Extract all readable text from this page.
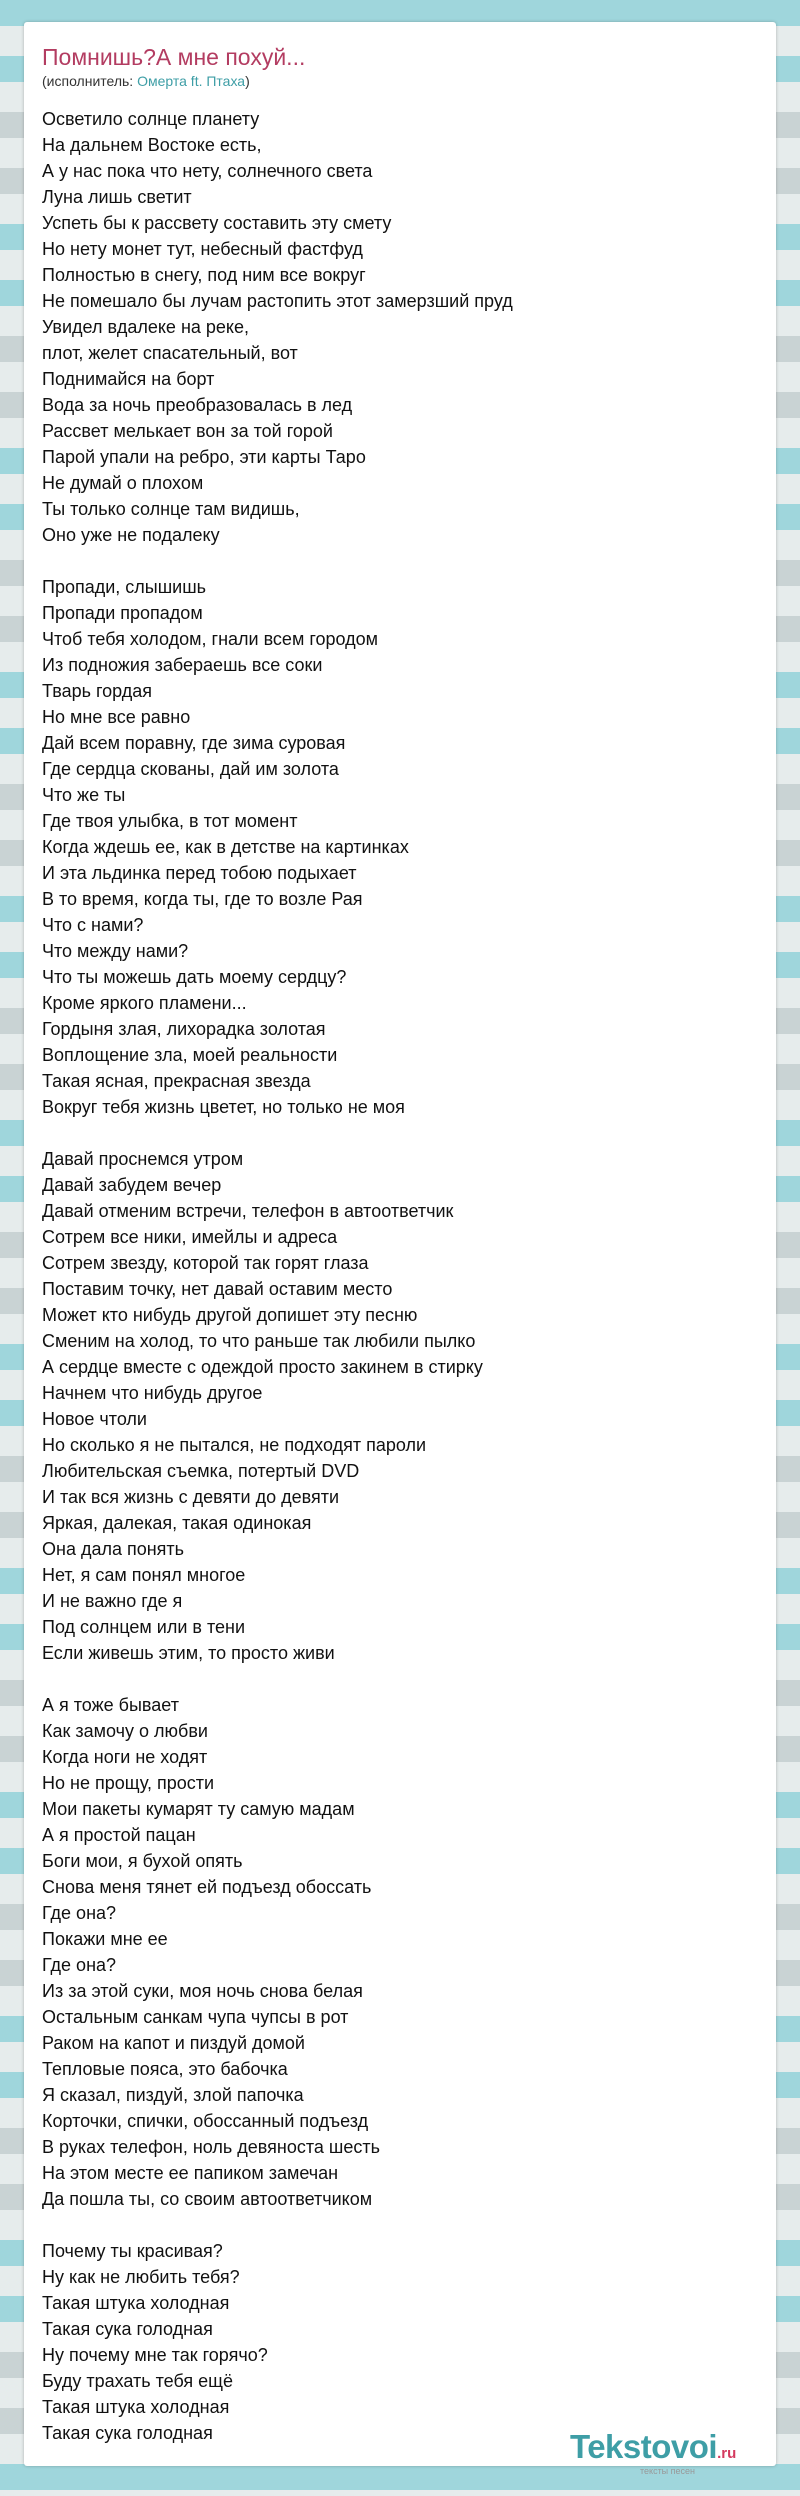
Помнишь?А мне похуй...
(исполнитель: Омерта ft. Птаха)
Осветило солнце планету
На дальнем Востоке есть,
А у нас пока что нету, солнечного света
Луна лишь светит
Успеть бы к рассвету составить эту смету
Но нету монет тут, небесный фастфуд
Полностью в снегу, под ним все вокруг
Не помешало бы лучам растопить этот замерзший пруд
Увидел вдалеке на реке,
плот, желет спасательный, вот
Поднимайся на борт
Вода за ночь преобразовалась в лед
Рассвет мелькает вон за той горой
Парой упали на ребро, эти карты Таро
Не думай о плохом
Ты только солнце там видишь,
Оно уже не подалеку
Пропади, слышишь
Пропади пропадом
Чтоб тебя холодом, гнали всем городом
Из подножия забераешь все соки
Тварь гордая
Но мне все равно
Дай всем поравну, где зима суровая
Где сердца скованы, дай им золота
Что же ты
Где твоя улыбка, в тот момент
Когда ждешь ее, как в детстве на картинках
И эта льдинка перед тобою подыхает
В то время, когда ты, где то возле Рая
Что с нами?
Что между нами?
Что ты можешь дать моему сердцу?
Кроме яркого пламени...
Гордыня злая, лихорадка золотая
Воплощение зла, моей реальности
Такая ясная, прекрасная звезда
Вокруг тебя жизнь цветет, но только не моя
Давай проснемся утром
Давай забудем вечер
Давай отменим встречи, телефон в автоответчик
Сотрем все ники, имейлы и адреса
Сотрем звезду, которой так горят глаза
Поставим точку, нет давай оставим место
Может кто нибудь другой допишет эту песню
Сменим на холод, то что раньше так любили пылко
А сердце вместе с одеждой просто закинем в стирку
Начнем что нибудь другое
Новое чтоли
Но сколько я не пытался, не подходят пароли
Любительская съемка, потертый DVD
И так вся жизнь с девяти до девяти
Яркая, далекая, такая одинокая
Она дала понять
Нет, я сам понял многое
И не важно где я
Под солнцем или в тени
Если живешь этим, то просто живи
А я тоже бывает
Как замочу о любви
Когда ноги не ходят
Но не прощу, прости
Мои пакеты кумарят ту самую мадам
А я простой пацан
Боги мои, я бухой опять
Снова меня тянет ей подъезд обоссать
Где она?
Покажи мне ее
Где она?
Из за этой суки, моя ночь снова белая
Остальным санкам чупа чупсы в рот
Раком на капот и пиздуй домой
Тепловые пояса, это бабочка
Я сказал, пиздуй, злой папочка
Корточки, спички, обоссанный подъезд
В руках телефон, ноль девяноста шесть
На этом месте ее папиком замечан
Да пошла ты, со своим автоответчиком
Почему ты красивая?
Ну как не любить тебя?
Такая штука холодная
Такая сука голодная
Ну почему мне так горячо?
Буду трахать тебя ещё
Такая штука холодная
Такая сука голодная	Tekstovoi.ru
тексты песен
